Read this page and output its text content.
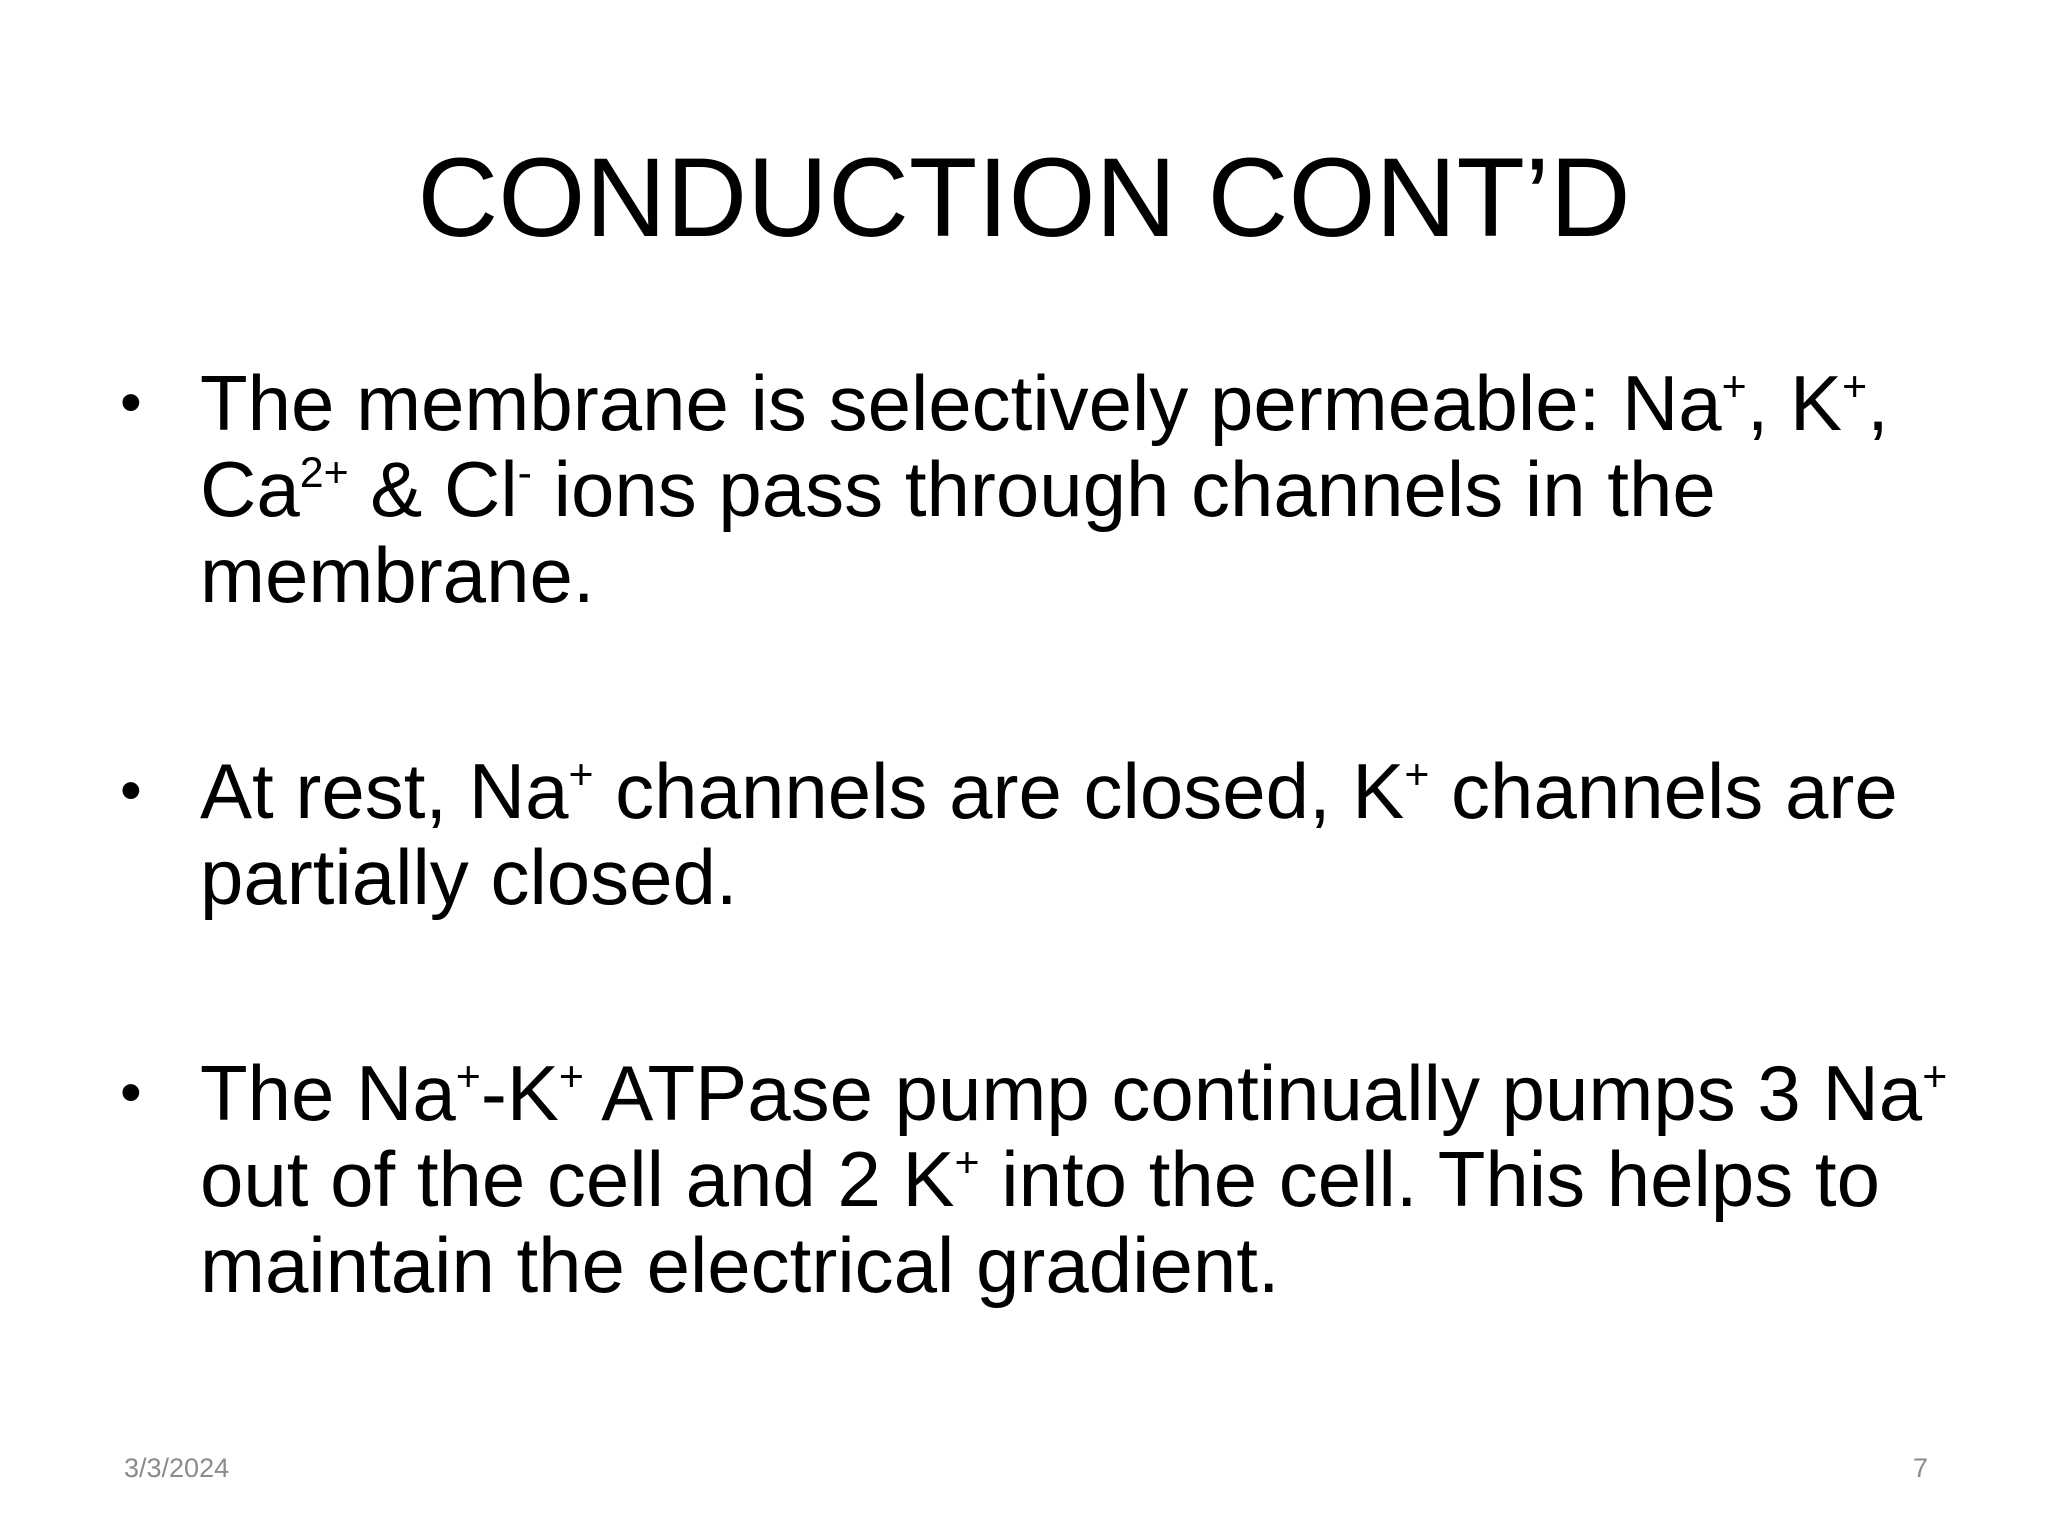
CONDUCTION CONT’D
• The membrane is selectively permeable: Na+, K+, $Ca^{2+}$ & Cl- ions pass through channels in the membrane.
• At rest, Na+ channels are closed, K+ channels are partially closed.
• The Na+-K+ ATPase pump continually pumps 3 Na+ out of the cell and 2 K+ into the cell. This helps to maintain the electrical gradient.
3/3/2024	7
